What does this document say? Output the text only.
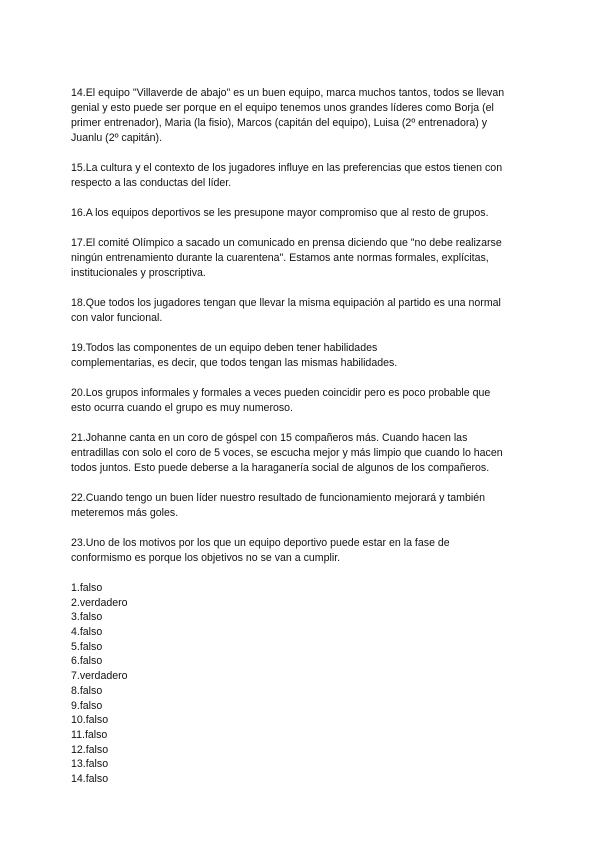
14.El equipo "Villaverde de abajo" es un buen equipo, marca muchos tantos, todos se llevan
genial y esto puede ser porque en el equipo tenemos unos grandes líderes como Borja (el
primer entrenador), Maria (la fisio), Marcos (capitán del equipo), Luisa (2º entrenadora) y
Juanlu (2º capitán).
15.La cultura y el contexto de los jugadores influye en las preferencias que estos tienen con
respecto a las conductas del líder.
16.A los equipos deportivos se les presupone mayor compromiso que al resto de grupos.
17.El comité Olímpico a sacado un comunicado en prensa diciendo que "no debe realizarse
ningún entrenamiento durante la cuarentena". Estamos ante normas formales, explícitas,
institucionales y proscriptiva.
18.Que todos los jugadores tengan que llevar la misma equipación al partido es una normal
con valor funcional.
19.Todos las componentes de un equipo deben tener habilidades
complementarias, es decir, que todos tengan las mismas habilidades.
20.Los grupos informales y formales a veces pueden coincidir pero es poco probable que
esto ocurra cuando el grupo es muy numeroso.
21.Johanne canta en un coro de góspel con 15 compañeros más. Cuando hacen las
entradillas con solo el coro de 5 voces, se escucha mejor y más limpio que cuando lo hacen
todos juntos. Esto puede deberse a la haraganería social de algunos de los compañeros.
22.Cuando tengo un buen líder nuestro resultado de funcionamiento mejorará y también
meteremos más goles.
23.Uno de los motivos por los que un equipo deportivo puede estar en la fase de
conformismo es porque los objetivos no se van a cumplir.
1.falso
2.verdadero
3.falso
4.falso
5.falso
6.falso
7.verdadero
8.falso
9.falso
10.falso
11.falso
12.falso
13.falso
14.falso
